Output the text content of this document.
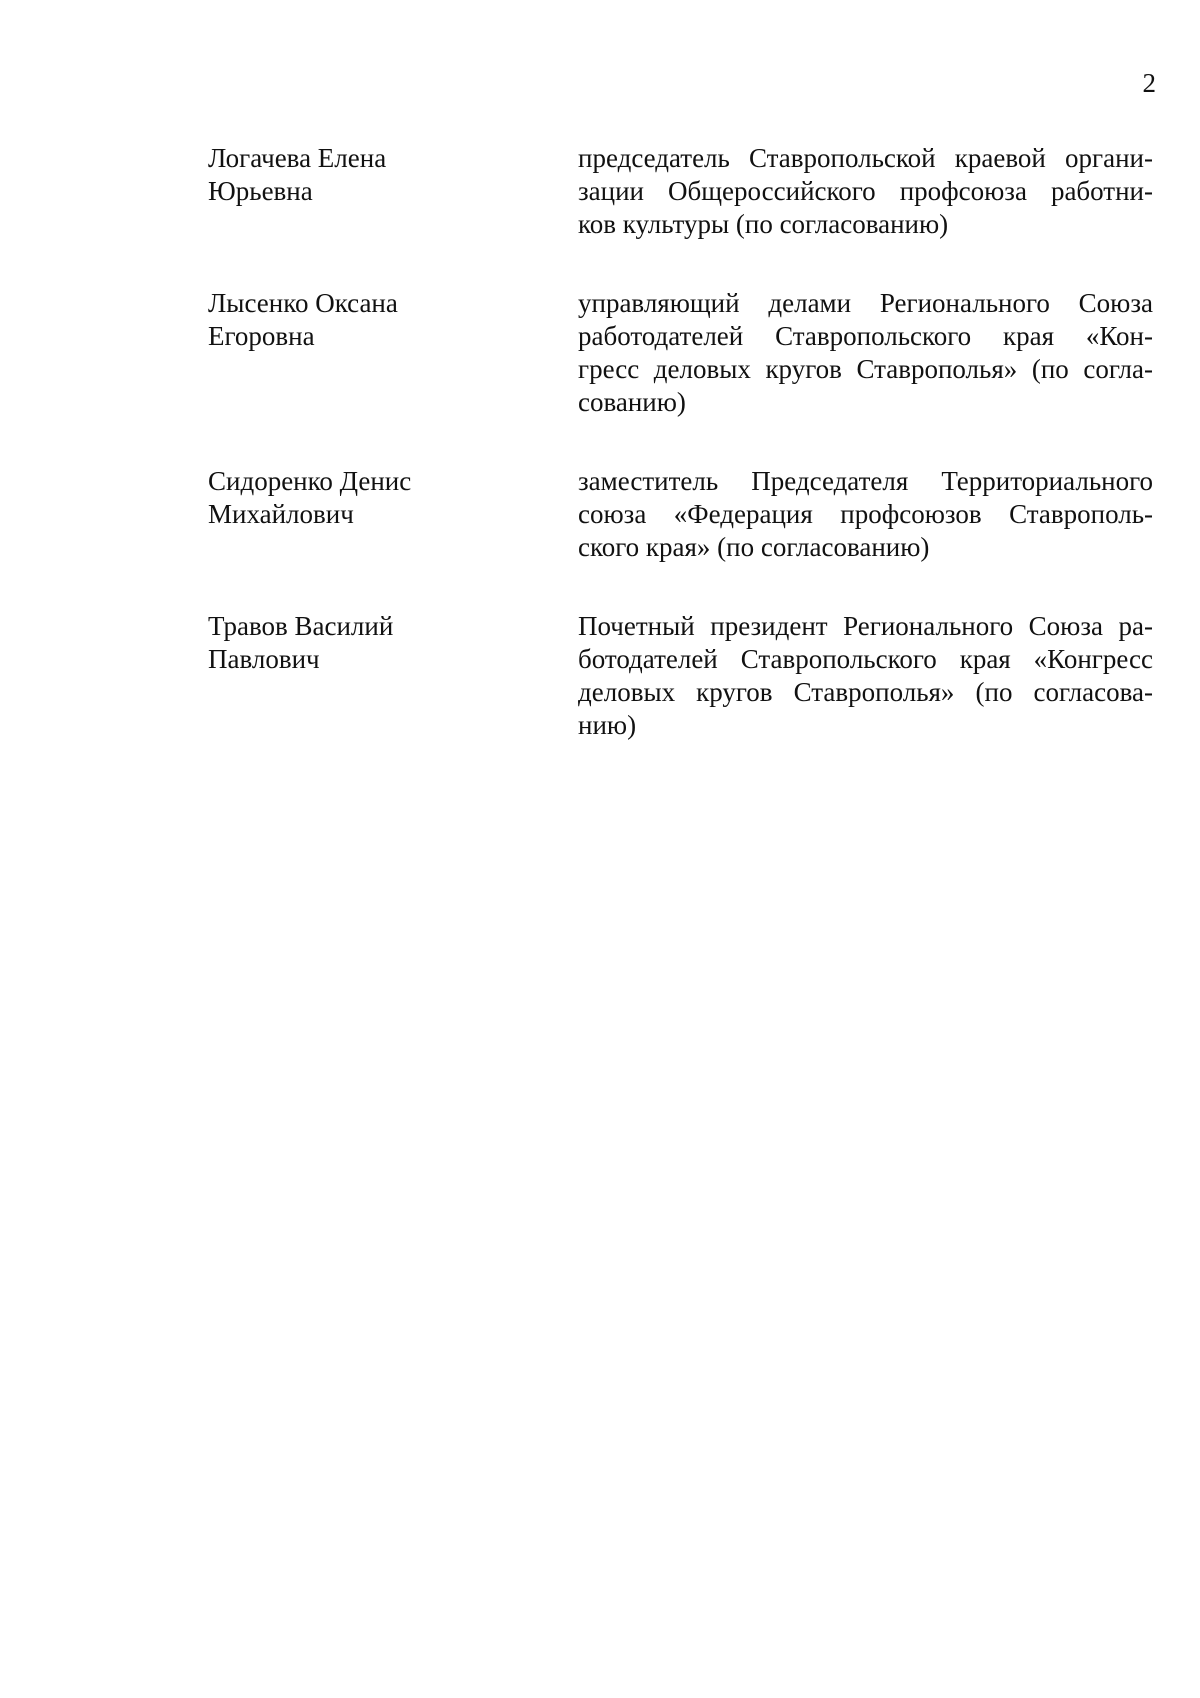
2
Логачева Елена
Юрьевна
председатель Ставропольской краевой органи-
зации Общероссийского профсоюза работни-
ков культуры (по согласованию)
Лысенко Оксана
Егоровна
управляющий делами Регионального Союза
работодателей Ставропольского края «Кон-
гресс деловых кругов Ставрополья» (по согла-
сованию)
Сидоренко Денис
Михайлович
заместитель Председателя Территориального
союза «Федерация профсоюзов Ставрополь-
ского края» (по согласованию)
Травов Василий
Павлович
Почетный президент Регионального Союза ра-
ботодателей Ставропольского края «Конгресс
деловых кругов Ставрополья» (по согласова-
нию)
